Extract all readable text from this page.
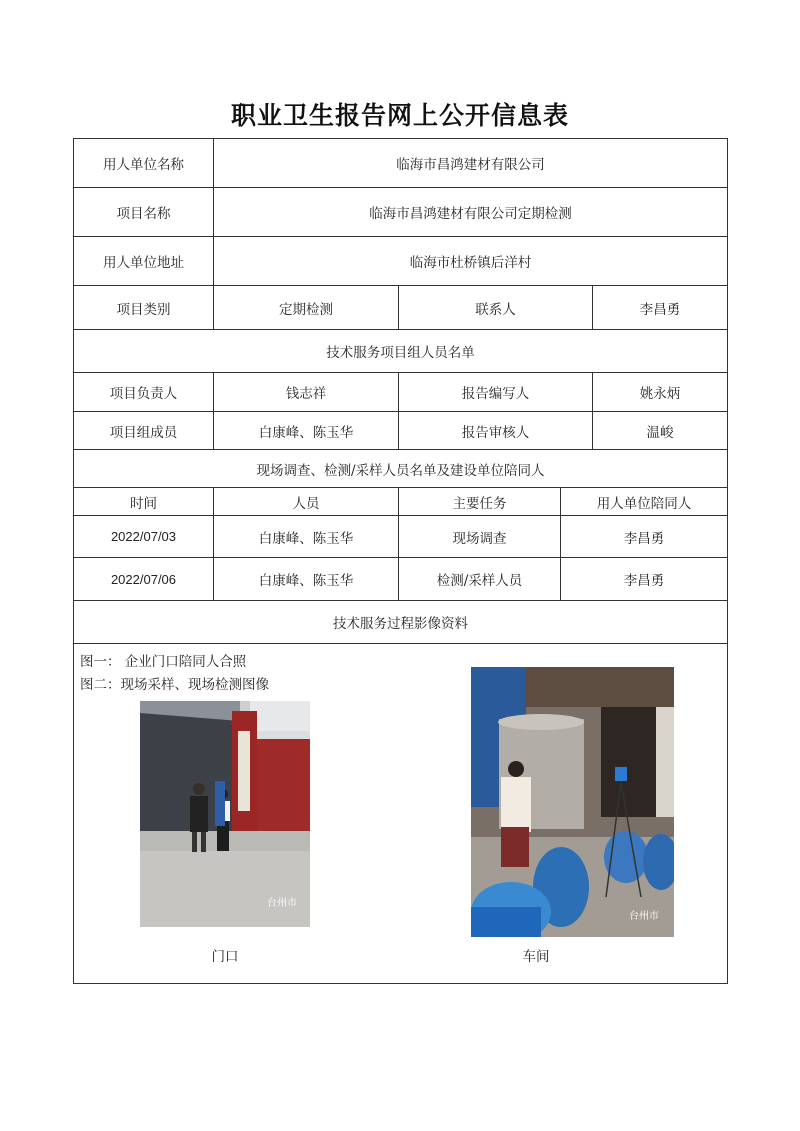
职业卫生报告网上公开信息表
用人单位名称	临海市昌鸿建材有限公司
项目名称	临海市昌鸿建材有限公司定期检测
用人单位地址	临海市杜桥镇后洋村
项目类别	定期检测	联系人	李昌勇
技术服务项目组人员名单
项目负责人	钱志祥	报告编写人	姚永炳
项目组成员	白康峰、陈玉华	报告审核人	温峻
现场调查、检测/采样人员名单及建设单位陪同人
时间	人员	主要任务	用人单位陪同人
2022/07/03	白康峰、陈玉华	现场调查	李昌勇
2022/07/06	白康峰、陈玉华	检测/采样人员	李昌勇
技术服务过程影像资料
图一： 企业门口陪同人合照
图二：现场采样、现场检测图像
台州市
门口
台州市
车间
